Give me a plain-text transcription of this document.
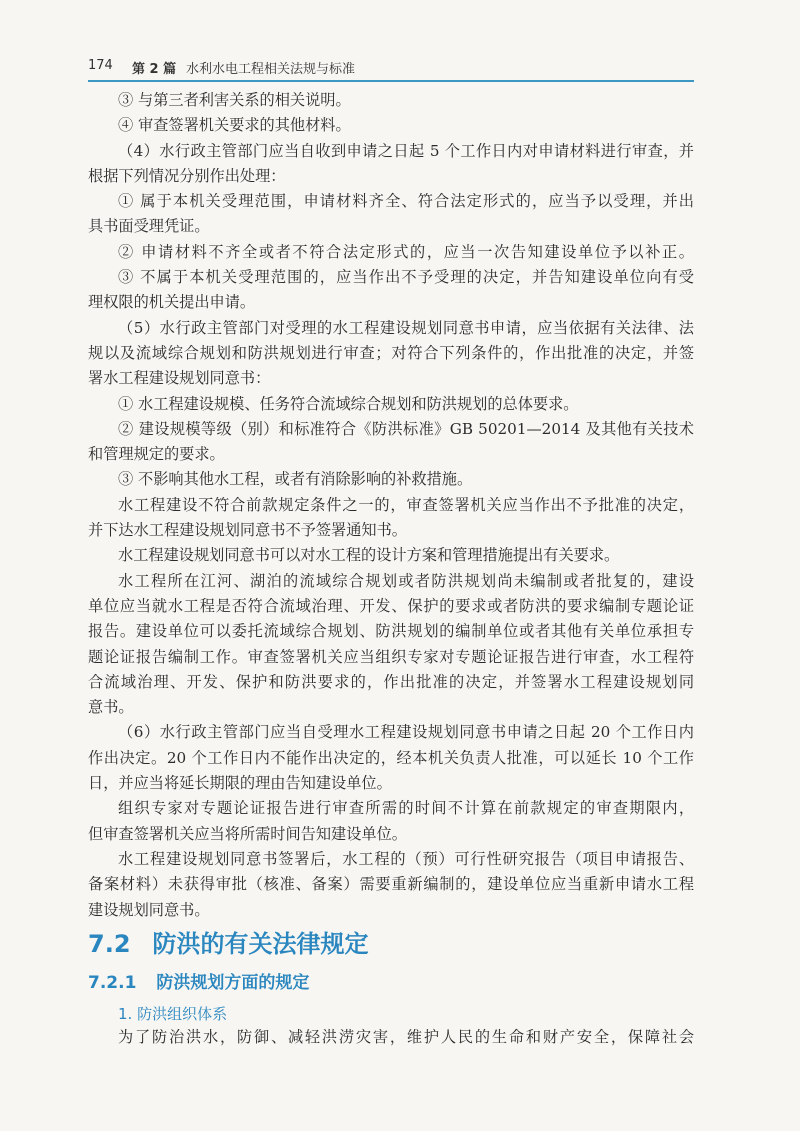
174 第 2 篇 水利水电工程相关法规与标准

③ 与第三者利害关系的相关说明。

④ 审查签署机关要求的其他材料。

（4）水行政主管部门应当自收到申请之日起 5 个工作日内对申请材料进行审查，并

根据下列情况分别作出处理：

① 属于本机关受理范围，申请材料齐全、符合法定形式的，应当予以受理，并出

具书面受理凭证。

② 申请材料不齐全或者不符合法定形式的，应当一次告知建设单位予以补正。

③ 不属于本机关受理范围的，应当作出不予受理的决定，并告知建设单位向有受

理权限的机关提出申请。

（5）水行政主管部门对受理的水工程建设规划同意书申请，应当依据有关法律、法

规以及流域综合规划和防洪规划进行审查；对符合下列条件的，作出批准的决定，并签

署水工程建设规划同意书：

① 水工程建设规模、任务符合流域综合规划和防洪规划的总体要求。

② 建设规模等级（别）和标准符合《防洪标准》GB 50201—2014 及其他有关技术

和管理规定的要求。

③ 不影响其他水工程，或者有消除影响的补救措施。

水工程建设不符合前款规定条件之一的，审查签署机关应当作出不予批准的决定，

并下达水工程建设规划同意书不予签署通知书。

水工程建设规划同意书可以对水工程的设计方案和管理措施提出有关要求。

水工程所在江河、湖泊的流域综合规划或者防洪规划尚未编制或者批复的，建设

单位应当就水工程是否符合流域治理、开发、保护的要求或者防洪的要求编制专题论证

报告。建设单位可以委托流域综合规划、防洪规划的编制单位或者其他有关单位承担专

题论证报告编制工作。审查签署机关应当组织专家对专题论证报告进行审查，水工程符

合流域治理、开发、保护和防洪要求的，作出批准的决定，并签署水工程建设规划同

意书。

（6）水行政主管部门应当自受理水工程建设规划同意书申请之日起 20 个工作日内

作出决定。20 个工作日内不能作出决定的，经本机关负责人批准，可以延长 10 个工作

日，并应当将延长期限的理由告知建设单位。

组织专家对专题论证报告进行审查所需的时间不计算在前款规定的审查期限内，

但审查签署机关应当将所需时间告知建设单位。

水工程建设规划同意书签署后，水工程的（预）可行性研究报告（项目申请报告、

备案材料）未获得审批（核准、备案）需要重新编制的，建设单位应当重新申请水工程

建设规划同意书。

7.2 防洪的有关法律规定
7.2.1 防洪规划方面的规定
1. 防洪组织体系

为了防治洪水，防御、减轻洪涝灾害，维护人民的生命和财产安全，保障社会
